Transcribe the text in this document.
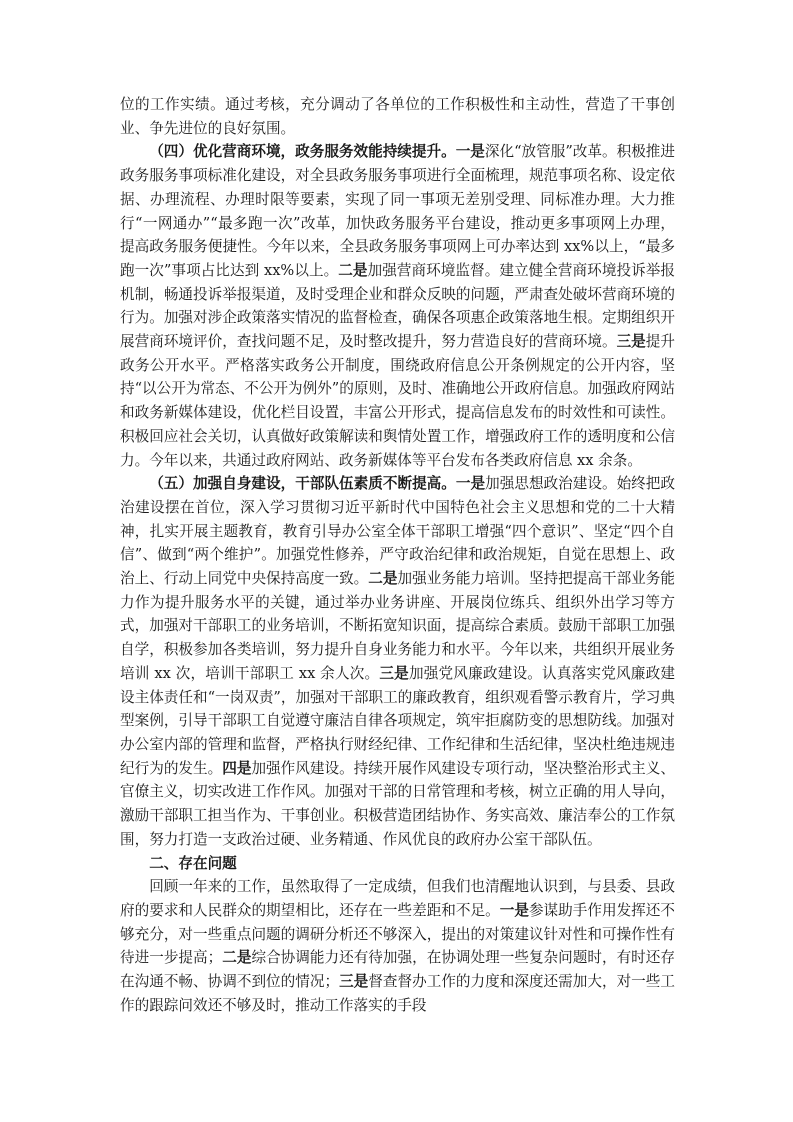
位的工作实绩。通过考核，充分调动了各单位的工作积极性和主动性，营造了干事创业、争先进位的良好氛围。

（四）优化营商环境，政务服务效能持续提升。一是深化“放管服”改革。积极推进政务服务事项标准化建设，对全县政务服务事项进行全面梳理，规范事项名称、设定依据、办理流程、办理时限等要素，实现了同一事项无差别受理、同标准办理。大力推行“一网通办”“最多跑一次”改革，加快政务服务平台建设，推动更多事项网上办理，提高政务服务便捷性。今年以来，全县政务服务事项网上可办率达到 xx%以上，“最多跑一次”事项占比达到 xx%以上。二是加强营商环境监督。建立健全营商环境投诉举报机制，畅通投诉举报渠道，及时受理企业和群众反映的问题，严肃查处破坏营商环境的行为。加强对涉企政策落实情况的监督检查，确保各项惠企政策落地生根。定期组织开展营商环境评价，查找问题不足，及时整改提升，努力营造良好的营商环境。三是提升政务公开水平。严格落实政务公开制度，围绕政府信息公开条例规定的公开内容，坚持“以公开为常态、不公开为例外”的原则，及时、准确地公开政府信息。加强政府网站和政务新媒体建设，优化栏目设置，丰富公开形式，提高信息发布的时效性和可读性。积极回应社会关切，认真做好政策解读和舆情处置工作，增强政府工作的透明度和公信力。今年以来，共通过政府网站、政务新媒体等平台发布各类政府信息 xx 余条。

（五）加强自身建设，干部队伍素质不断提高。一是加强思想政治建设。始终把政治建设摆在首位，深入学习贯彻习近平新时代中国特色社会主义思想和党的二十大精神，扎实开展主题教育，教育引导办公室全体干部职工增强“四个意识”、坚定“四个自信”、做到“两个维护”。加强党性修养，严守政治纪律和政治规矩，自觉在思想上、政治上、行动上同党中央保持高度一致。二是加强业务能力培训。坚持把提高干部业务能力作为提升服务水平的关键，通过举办业务讲座、开展岗位练兵、组织外出学习等方式，加强对干部职工的业务培训，不断拓宽知识面，提高综合素质。鼓励干部职工加强自学，积极参加各类培训，努力提升自身业务能力和水平。今年以来，共组织开展业务培训 xx 次，培训干部职工 xx 余人次。三是加强党风廉政建设。认真落实党风廉政建设主体责任和“一岗双责”，加强对干部职工的廉政教育，组织观看警示教育片，学习典型案例，引导干部职工自觉遵守廉洁自律各项规定，筑牢拒腐防变的思想防线。加强对办公室内部的管理和监督，严格执行财经纪律、工作纪律和生活纪律，坚决杜绝违规违纪行为的发生。四是加强作风建设。持续开展作风建设专项行动，坚决整治形式主义、官僚主义，切实改进工作作风。加强对干部的日常管理和考核，树立正确的用人导向，激励干部职工担当作为、干事创业。积极营造团结协作、务实高效、廉洁奉公的工作氛围，努力打造一支政治过硬、业务精通、作风优良的政府办公室干部队伍。

二、存在问题

回顾一年来的工作，虽然取得了一定成绩，但我们也清醒地认识到，与县委、县政府的要求和人民群众的期望相比，还存在一些差距和不足。一是参谋助手作用发挥还不够充分，对一些重点问题的调研分析还不够深入，提出的对策建议针对性和可操作性有待进一步提高；二是综合协调能力还有待加强，在协调处理一些复杂问题时，有时还存在沟通不畅、协调不到位的情况；三是督查督办工作的力度和深度还需加大，对一些工作的跟踪问效还不够及时，推动工作落实的手段
